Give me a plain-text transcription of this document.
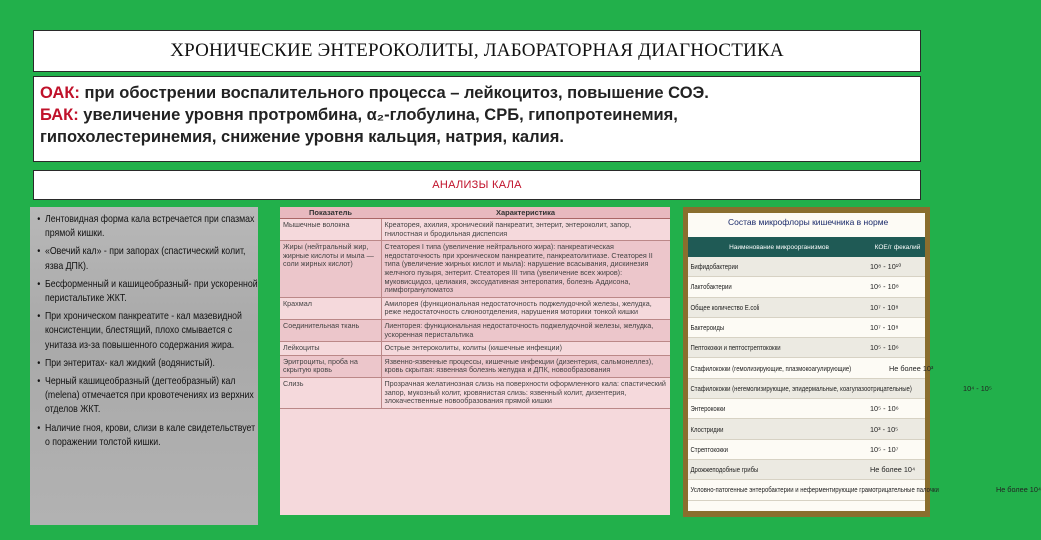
ХРОНИЧЕСКИЕ ЭНТЕРОКОЛИТЫ, ЛАБОРАТОРНАЯ ДИАГНОСТИКА
ОАК: при обострении воспалительного процесса – лейкоцитоз, повышение СОЭ.
БАК: увеличение уровня протромбина, α₂-глобулина, СРБ, гипопротеинемия,
гипохолестеринемия, снижение уровня кальция, натрия, калия.
АНАЛИЗЫ КАЛА
• Лентовидная форма кала встречается при спазмах прямой кишки.
• «Овечий кал» - при запорах (спастический колит, язва ДПК).
• Бесформенный и кашицеобразный- при ускоренной перистальтике ЖКТ.
• При хроническом панкреатите - кал мазевидной консистенции, блестящий, плохо смывается с унитаза из-за повышенного содержания жира.
• При энтеритах- кал жидкий (водянистый).
• Черный кашицеобразный (дегтеобразный) кал (melena) отмечается при кровотечениях из верхних отделов ЖКТ.
• Наличие гноя, крови, слизи в кале свидетельствует о поражении толстой кишки.
Показатель	Характеристика
Мышечные волокна	Креаторея, ахилия, хронический панкреатит, энтерит, энтероколит, запор, гнилостная и бродильная диспепсия
Жиры (нейтральный жир, жирные кислоты и мыла — соли жирных кислот)	Стеаторея I типа (увеличение нейтрального жира): панкреатическая недостаточность при хроническом панкреатите, панкреатолитиазе. Стеаторея II типа (увеличение жирных кислот и мыла): нарушение всасывания, дискинезия желчного пузыря, энтерит. Стеаторея III типа (увеличение всех жиров): муковисцидоз, целиакия, экссудативная энтеропатия, болезнь Аддисона, лимфогрануломатоз
Крахмал	Амилорея (функциональная недостаточность поджелудочной железы, желудка, реже недостаточность слюноотделения, нарушения моторики тонкой кишки
Соединительная ткань	Лиенторея: функциональная недостаточность поджелудочной железы, желудка, ускоренная перистальтика
Лейкоциты	Острые энтероколиты, колиты (кишечные инфекции)
Эритроциты, проба на скрытую кровь	Язвенно-язвенные процессы, кишечные инфекции (дизентерия, сальмонеллез), кровь скрытая: язвенная болезнь желудка и ДПК, новообразования
Слизь	Прозрачная желатинозная слизь на поверхности оформленного кала: спастический запор, мукозный колит, кровянистая слизь: язвенный колит, дизентерия, злокачественные новообразования прямой кишки
Состав микрофлоры кишечника в норме
Наименование микроорганизмов	КОЕ/г фекалий
Бифидобактерии	10⁸ - 10¹⁰
Лактобактерии	10⁶ - 10⁸
Общее количество E.coli	10⁷ - 10⁸
Бактероиды	10⁷ - 10⁸
Пептококки и пептострептококки	10⁵ - 10⁶
Стафилококки (гемолизирующие, плазмокоагулирующие)	Не более 10³
Стафилококки (негемолизирующие, эпидермальные, коагулазоотрицательные)	10⁴ - 10⁵
Энтерококки	10⁵ - 10⁶
Клостридии	10³ - 10⁵
Стрептококки	10⁵ - 10⁷
Дрожжеподобные грибы	Не более 10⁴
Условно-патогенные энтеробактерии и неферментирующие грамотрицательные палочки	Не более 10⁴
